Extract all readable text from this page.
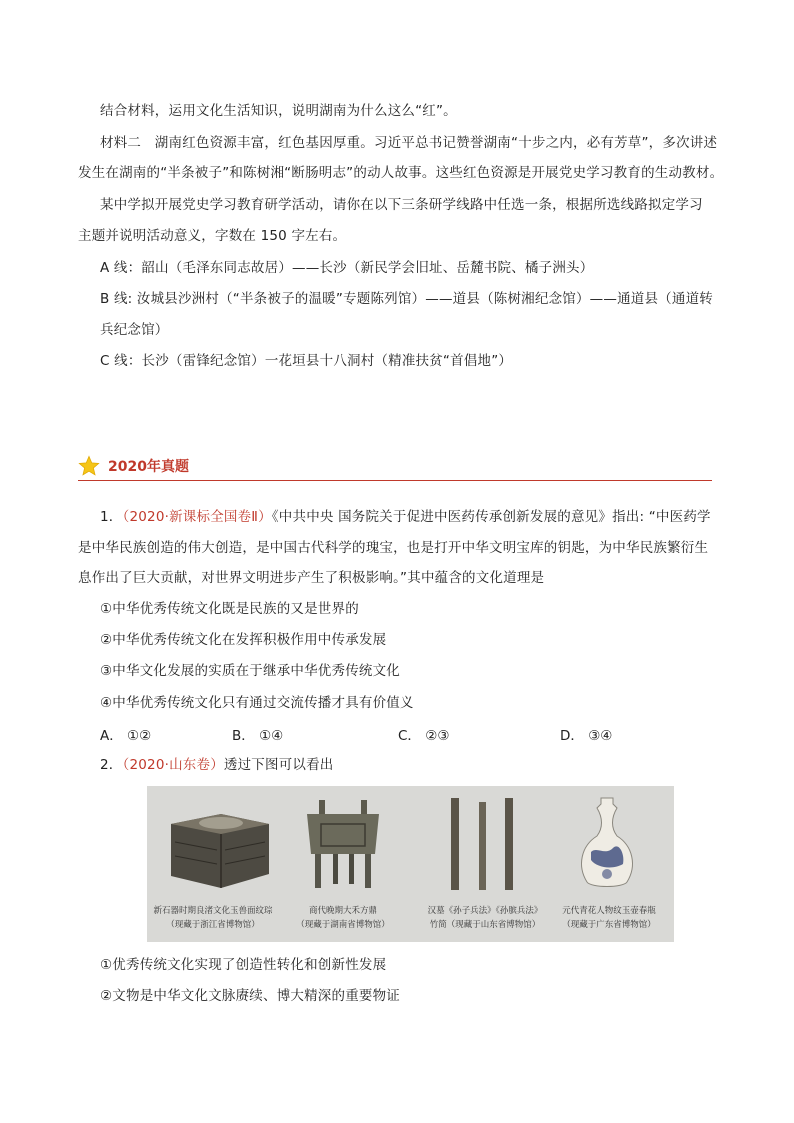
结合材料，运用文化生活知识，说明湖南为什么这么“红”。
材料二　湖南红色资源丰富，红色基因厚重。习近平总书记赞誉湖南“十步之内，必有芳草”，多次讲述
发生在湖南的“半条被子”和陈树湘“断肠明志”的动人故事。这些红色资源是开展党史学习教育的生动教材。
某中学拟开展党史学习教育研学活动，请你在以下三条研学线路中任选一条，根据所选线路拟定学习
主题并说明活动意义，字数在 150 字左右。
A 线：韶山（毛泽东同志故居）——长沙（新民学会旧址、岳麓书院、橘子洲头）
B 线: 汝城县沙洲村（“半条被子的温暖”专题陈列馆）——道县（陈树湘纪念馆）——通道县（通道转
兵纪念馆）
C 线：长沙（雷锋纪念馆）一花垣县十八洞村（精准扶贫“首倡地”）
2020年真题
1．（2020·新课标全国卷Ⅱ）《中共中央 国务院关于促进中医药传承创新发展的意见》指出: “中医药学
是中华民族创造的伟大创造，是中国古代科学的瑰宝，也是打开中华文明宝库的钥匙，为中华民族繁衍生
息作出了巨大贡献，对世界文明进步产生了积极影响。”其中蕴含的文化道理是
①中华优秀传统文化既是民族的又是世界的
②中华优秀传统文化在发挥积极作用中传承发展
③中华文化发展的实质在于继承中华优秀传统文化
④中华优秀传统文化只有通过交流传播才具有价值义
A． ①②	B． ①④	C． ②③	D． ③④
2．（2020·山东卷）透过下图可以看出
新石器时期良渚文化玉兽面纹琮
（现藏于浙江省博物馆）
商代晚期大禾方鼎
（现藏于湖南省博物馆）
汉墓《孙子兵法》《孙膑兵法》
竹简（现藏于山东省博物馆）
元代青花人物纹玉壶春瓶
（现藏于广东省博物馆）
①优秀传统文化实现了创造性转化和创新性发展
②文物是中华文化文脉赓续、博大精深的重要物证
